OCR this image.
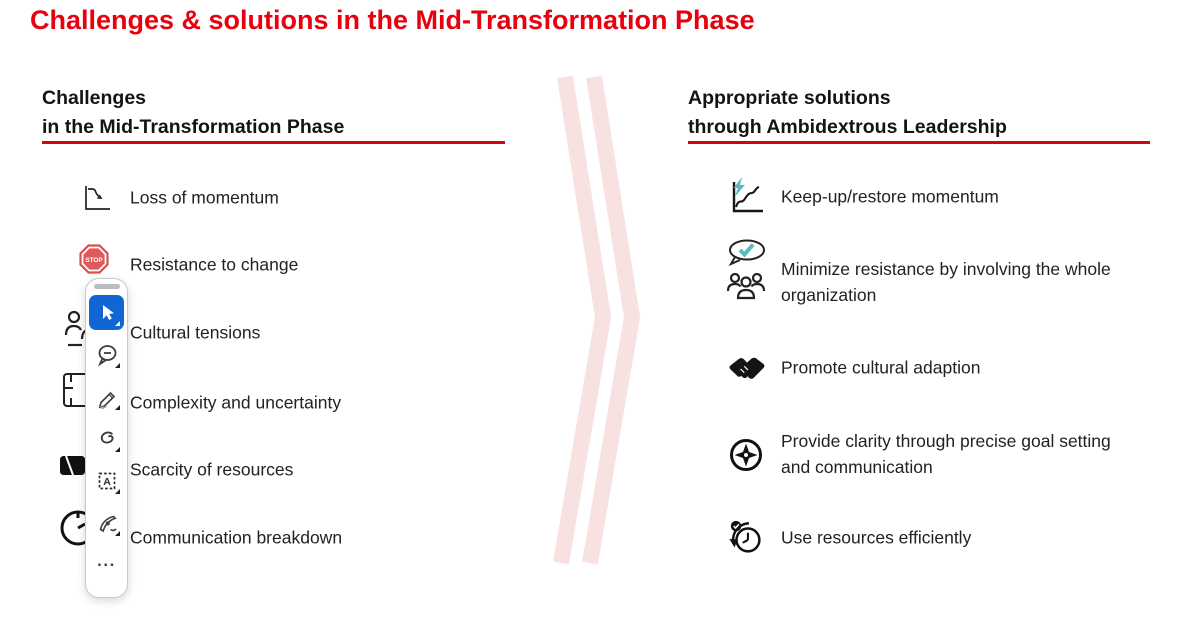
Challenges & solutions in the Mid-Transformation Phase
Challenges
in the Mid-Transformation Phase
Appropriate solutions
through Ambidextrous Leadership
Loss of momentum
STOP Resistance to change
Cultural tensions
Complexity and uncertainty
Scarcity of resources
Communication breakdown
Keep-up/restore momentum
Minimize resistance by involving the whole organization
Promote cultural adaption
Provide clarity through precise goal setting and communication
Use resources efficiently
A
...
